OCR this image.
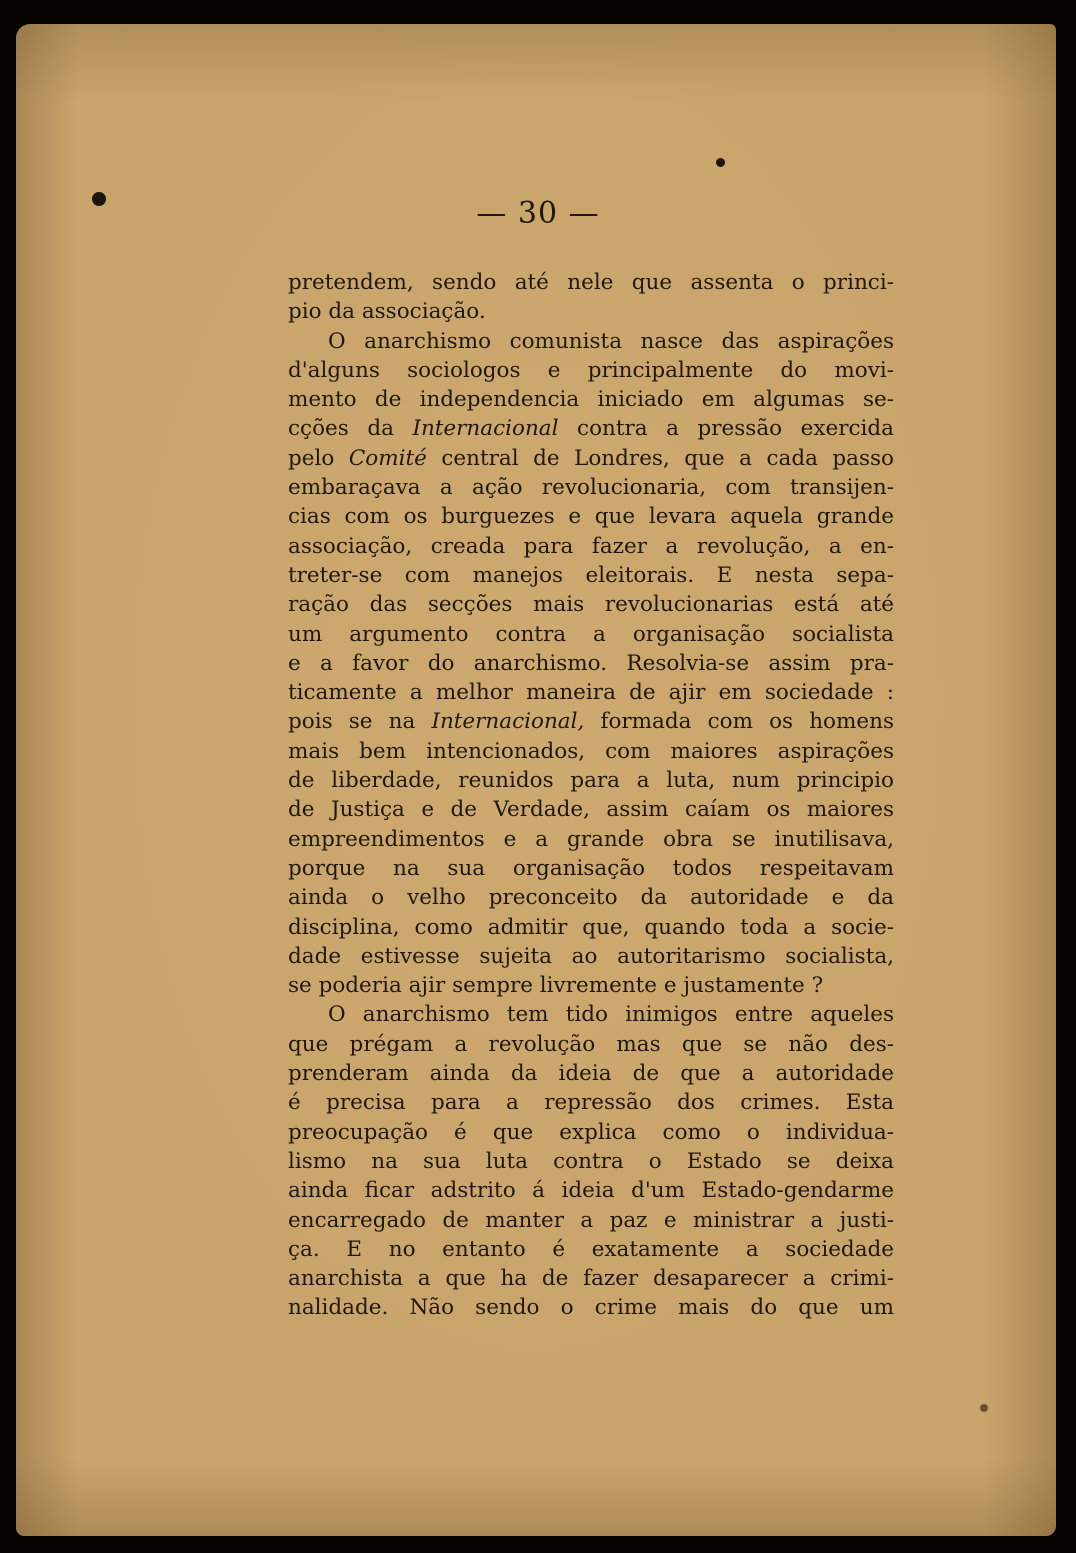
— 30 —
pretendem, sendo até nele que assenta o princi-
pio da associação.
O anarchismo comunista nasce das aspirações
d'alguns sociologos e principalmente do movi-
mento de independencia iniciado em algumas se-
cções da Internacional contra a pressão exercida
pelo Comité central de Londres, que a cada passo
embaraçava a ação revolucionaria, com transijen-
cias com os burguezes e que levara aquela grande
associação, creada para fazer a revolução, a en-
treter-se com manejos eleitorais. E nesta sepa-
ração das secções mais revolucionarias está até
um argumento contra a organisação socialista
e a favor do anarchismo. Resolvia-se assim pra-
ticamente a melhor maneira de ajir em sociedade :
pois se na Internacional, formada com os homens
mais bem intencionados, com maiores aspirações
de liberdade, reunidos para a luta, num principio
de Justiça e de Verdade, assim caíam os maiores
empreendimentos e a grande obra se inutilisava,
porque na sua organisação todos respeitavam
ainda o velho preconceito da autoridade e da
disciplina, como admitir que, quando toda a socie-
dade estivesse sujeita ao autoritarismo socialista,
se poderia ajir sempre livremente e justamente ?
O anarchismo tem tido inimigos entre aqueles
que prégam a revolução mas que se não des-
prenderam ainda da ideia de que a autoridade
é precisa para a repressão dos crimes. Esta
preocupação é que explica como o individua-
lismo na sua luta contra o Estado se deixa
ainda ficar adstrito á ideia d'um Estado-gendarme
encarregado de manter a paz e ministrar a justi-
ça. E no entanto é exatamente a sociedade
anarchista a que ha de fazer desaparecer a crimi-
nalidade. Não sendo o crime mais do que um
